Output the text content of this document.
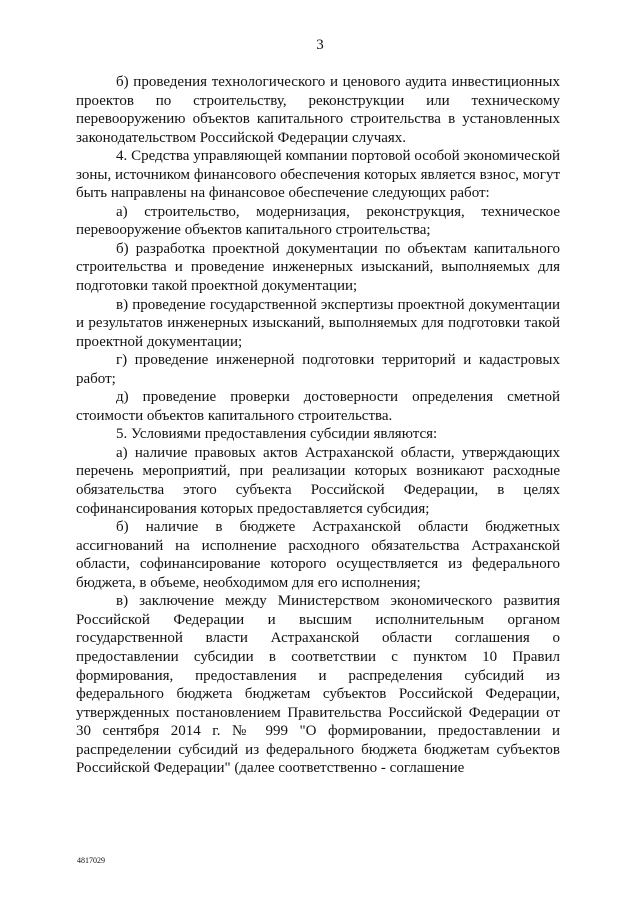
3

б) проведения технологического и ценового аудита инвестиционных проектов по строительству, реконструкции или техническому перевооружению объектов капитального строительства в установленных законодательством Российской Федерации случаях.

4. Средства управляющей компании портовой особой экономической зоны, источником финансового обеспечения которых является взнос, могут быть направлены на финансовое обеспечение следующих работ:

а) строительство, модернизация, реконструкция, техническое перевооружение объектов капитального строительства;

б) разработка проектной документации по объектам капитального строительства и проведение инженерных изысканий, выполняемых для подготовки такой проектной документации;

в) проведение государственной экспертизы проектной документации и результатов инженерных изысканий, выполняемых для подготовки такой проектной документации;

г) проведение инженерной подготовки территорий и кадастровых работ;

д) проведение проверки достоверности определения сметной стоимости объектов капитального строительства.

5. Условиями предоставления субсидии являются:

а) наличие правовых актов Астраханской области, утверждающих перечень мероприятий, при реализации которых возникают расходные обязательства этого субъекта Российской Федерации, в целях софинансирования которых предоставляется субсидия;

б) наличие в бюджете Астраханской области бюджетных ассигнований на исполнение расходного обязательства Астраханской области, софинансирование которого осуществляется из федерального бюджета, в объеме, необходимом для его исполнения;

в) заключение между Министерством экономического развития Российской Федерации и высшим исполнительным органом государственной власти Астраханской области соглашения о предоставлении субсидии в соответствии с пунктом 10 Правил формирования, предоставления и распределения субсидий из федерального бюджета бюджетам субъектов Российской Федерации, утвержденных постановлением Правительства Российской Федерации от 30 сентября 2014 г. № 999 "О формировании, предоставлении и распределении субсидий из федерального бюджета бюджетам субъектов Российской Федерации" (далее соответственно - соглашение

4817029
